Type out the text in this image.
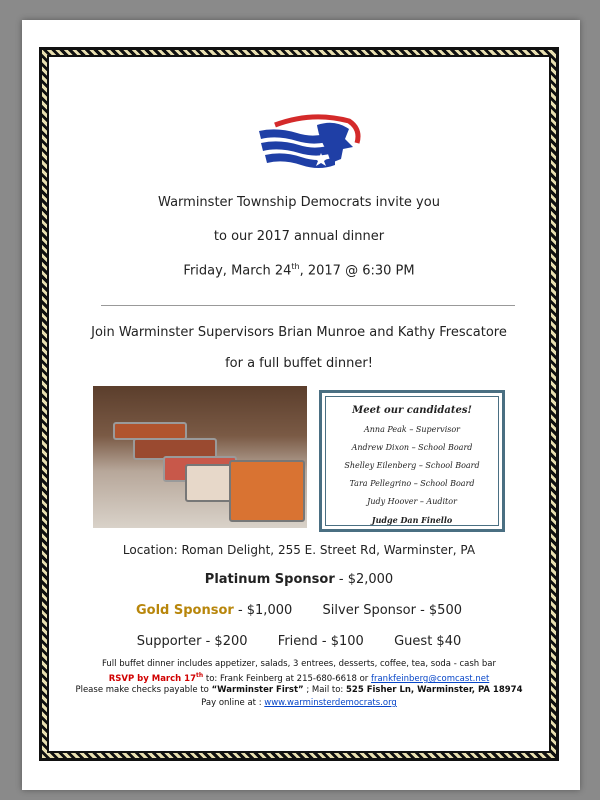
Warminster Township Democrats invite you
to our 2017 annual dinner
Friday, March 24th, 2017 @ 6:30 PM
Join Warminster Supervisors Brian Munroe and Kathy Frescatore
for a full buffet dinner!
Meet our candidates!
Anna Peak – Supervisor
Andrew Dixon – School Board
Shelley Eilenberg – School Board
Tara Pellegrino – School Board
Judy Hoover – Auditor
Judge Dan Finello
Location: Roman Delight, 255 E. Street Rd, Warminster, PA
Platinum Sponsor - $2,000
Gold Sponsor - $1,000 Silver Sponsor - $500
Supporter - $200 Friend - $100 Guest $40
Full buffet dinner includes appetizer, salads, 3 entrees, desserts, coffee, tea, soda - cash bar
RSVP by March 17th to: Frank Feinberg at 215-680-6618 or frankfeinberg@comcast.net
Please make checks payable to “Warminster First” ; Mail to: 525 Fisher Ln, Warminster, PA 18974
Pay online at : www.warminsterdemocrats.org
